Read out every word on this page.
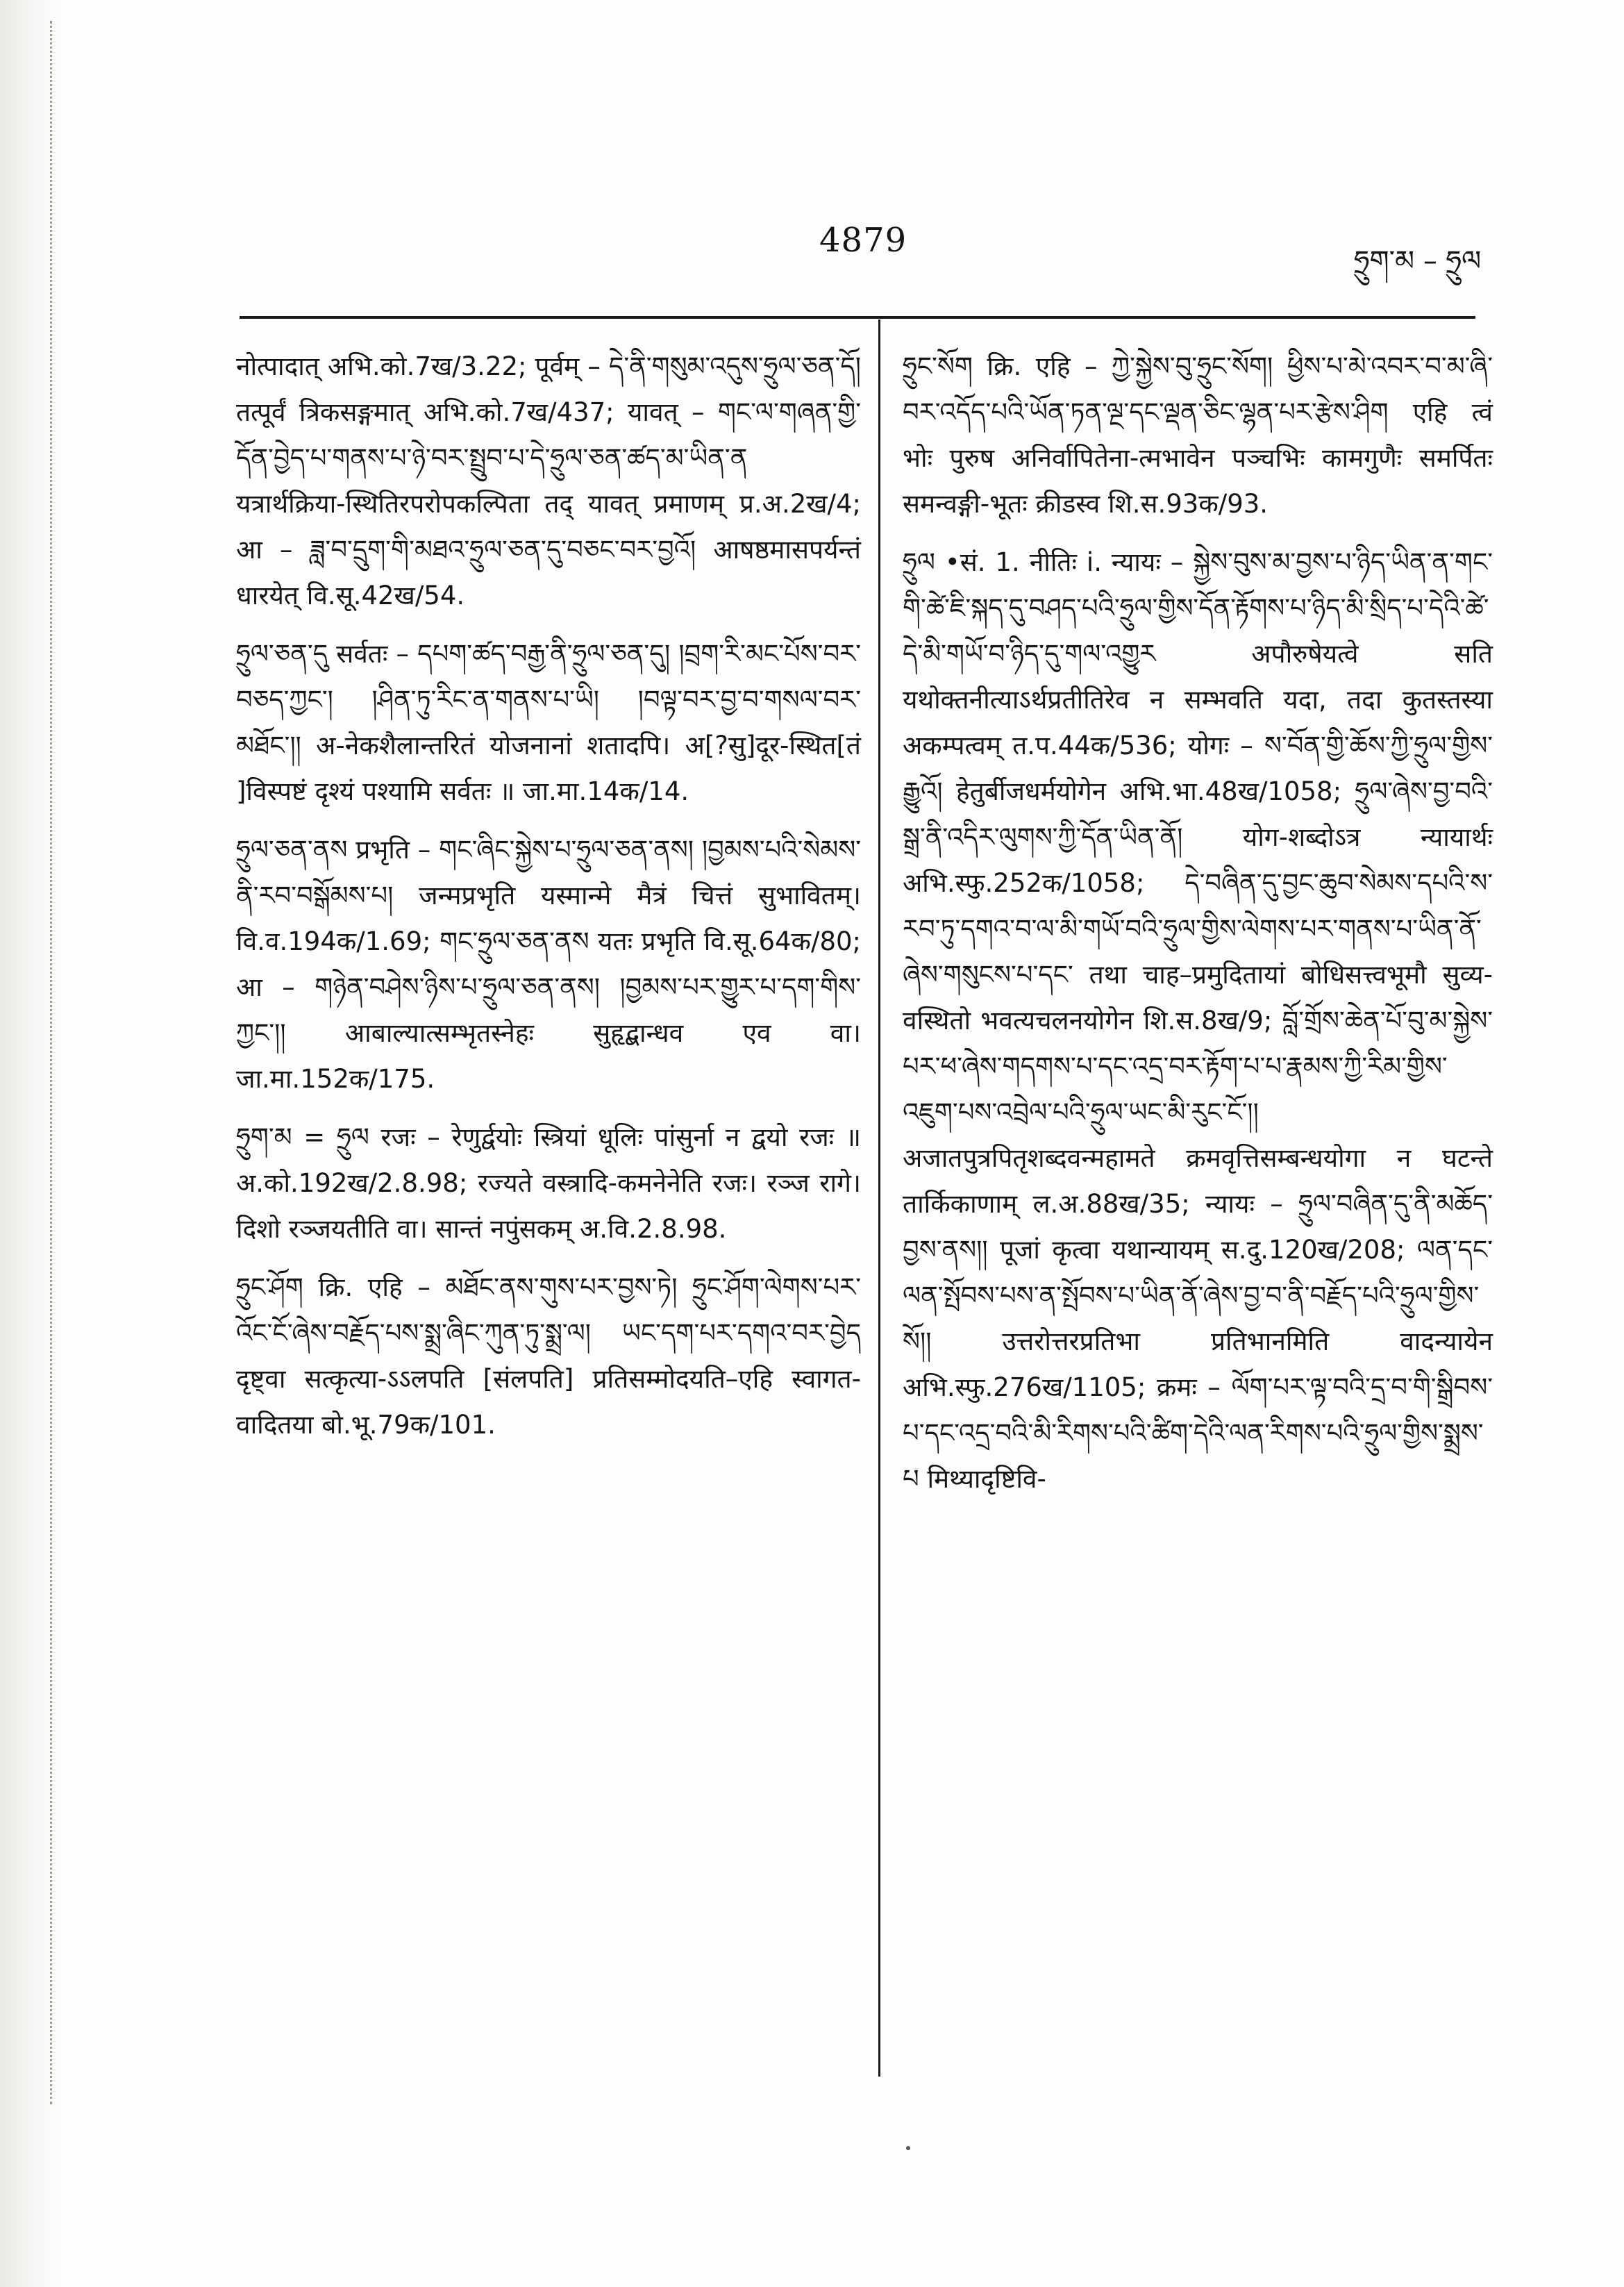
4879
ཧྲུག་མ – ཧྲུལ

नोत्पादात् अभि.को.7ख/3.22; पूर्वम् – དེ་ནི་གསུམ་འདུས་ཧྲུལ་ཅན་དོ། तत्पूर्वं त्रिकसङ्गमात् अभि.को.7ख/437; यावत् – གང་ལ་གཞན་གྱི་དོན་བྱེད་པ་གནས་པ་ཉེ་བར་སྤྲུབ་པ་དེ་ཧྲུལ་ཅན་ཚད་མ་ཡིན་ན यत्रार्थक्रिया-स्थितिरपरोपकल्पिता तद् यावत् प्रमाणम् प्र.अ.2ख/4; आ – ཟླ་བ་དྲུག་གི་མཐའ་ཧྲུལ་ཅན་དུ་བཅང་བར་བྱའོ། आषष्ठमासपर्यन्तं धारयेत् वि.सू.42ख/54.

ཧྲུལ་ཅན་དུ सर्वतः – དཔག་ཚད་བརྒྱ་ནི་ཧྲུལ་ཅན་དུ། །བྲག་རི་མང་པོས་བར་བཅད་ཀྱང་། །ཤིན་ཏུ་རིང་ན་གནས་པ་ཡི། །བལྟ་བར་བྱ་བ་གསལ་བར་མཐོང་།། अ-नेकशैलान्तरितं योजनानां शतादपि। अ[?सु]दूर-स्थित[तं ]विस्पष्टं दृश्यं पश्यामि सर्वतः ॥ जा.मा.14क/14.

ཧྲུལ་ཅན་ནས प्रभृति – གང་ཞིང་སྐྱེས་པ་ཧྲུལ་ཅན་ནས། །བྱམས་པའི་སེམས་ནི་རབ་བསྒོམས་པ། जन्मप्रभृति यस्मान्मे मैत्रं चित्तं सुभावितम्। वि.व.194क/1.69; གང་ཧྲུལ་ཅན་ནས यतः प्रभृति वि.सू.64क/80; आ – གཉེན་བཤེས་ཉིས་པ་ཧྲུལ་ཅན་ནས། །བྱམས་པར་གྱུར་པ་དག་གིས་ཀྱང་།། आबाल्यात्सम्भृतस्नेहः सुहृद्बान्धव एव वा। जा.मा.152क/175.

ཧྲུག་མ = ཧྲུལ रजः – रेणुर्द्वयोः स्त्रियां धूलिः पांसुर्ना न द्वयो रजः ॥ अ.को.192ख/2.8.98; रज्यते वस्त्रादि-कमनेनेति रजः। रञ्ज रागे। दिशो रञ्जयतीति वा। सान्तं नपुंसकम् अ.वि.2.8.98.

ཧྲུང་ཤོག क्रि. एहि – མཐོང་ནས་གུས་པར་བྱས་ཏེ། ཧྲུང་ཤོག་ལེགས་པར་འོང་ངོ་ཞེས་བརྗོད་པས་སྨྲ་ཞིང་ཀུན་ཏུ་སྨྲ་ལ། ཡང་དག་པར་དགའ་བར་བྱེད दृष्ट्वा सत्कृत्या-ऽऽलपति [संलपति] प्रतिसम्मोदयति–एहि स्वागत-वादितया बो.भू.79क/101.

ཧྲུང་སོག क्रि. एहि – ཀྱེ་སྐྱེས་བུ་ཧྲུང་སོག། ཕྱིས་པ་མེ་འབར་བ་མ་ཞི་བར་འདོད་པའི་ཡོན་ཏན་ལྔ་དང་ལྡན་ཅིང་ལྷན་པར་རྩེས་ཤིག एहि त्वं भोः पुरुष अनिर्वापितेना-त्मभावेन पञ्चभिः कामगुणैः समर्पितः समन्वङ्गी-भूतः क्रीडस्व शि.स.93क/93.

ཧྲུལ •सं. 1. नीतिः i. न्यायः – སྐྱེས་བུས་མ་བྱས་པ་ཉིད་ཡིན་ན་གང་གི་ཚེ་ཇི་སྐད་དུ་བཤད་པའི་ཧྲུལ་གྱིས་དོན་རྟོགས་པ་ཉིད་མི་སྲིད་པ་དེའི་ཚེ་དེ་མི་གཡོ་བ་ཉིད་དུ་གལ་འགྱུར अपौरुषेयत्वे सति यथोक्तनीत्याऽर्थप्रतीतिरेव न सम्भवति यदा, तदा कुतस्तस्या अकम्पत्वम् त.प.44क/536; योगः – ས་བོན་གྱི་ཆོས་ཀྱི་ཧྲུལ་གྱིས་རྒྱུའོ། हेतुर्बीजधर्मयोगेन अभि.भा.48ख/1058; ཧྲུལ་ཞེས་བྱ་བའི་སྒྲ་ནི་འདིར་ལུགས་ཀྱི་དོན་ཡིན་ནོ། योग-शब्दोऽत्र न्यायार्थः अभि.स्फु.252क/1058; དེ་བཞིན་དུ་བྱང་ཆུབ་སེམས་དཔའི་ས་རབ་ཏུ་དགའ་བ་ལ་མི་གཡོ་བའི་ཧྲུལ་གྱིས་ལེགས་པར་གནས་པ་ཡིན་ནོ་ཞེས་གསུངས་པ་དང་ तथा चाह–प्रमुदितायां बोधिसत्त्वभूमौ सुव्य-वस्थितो भवत्यचलनयोगेन शि.स.8ख/9; བློ་གྲོས་ཆེན་པོ་བུ་མ་སྐྱེས་པར་ཕ་ཞེས་གདགས་པ་དང་འདྲ་བར་རྟོག་པ་པ་རྣམས་ཀྱི་རིམ་གྱིས་འཇུག་པས་འབྲེལ་པའི་ཧྲུལ་ཡང་མི་རུང་ངོ་།། अजातपुत्रपितृशब्दवन्महामते क्रमवृत्तिसम्बन्धयोगा न घटन्ते तार्किकाणाम् ल.अ.88ख/35; न्यायः – ཧྲུལ་བཞིན་དུ་ནི་མཆོད་བྱས་ནས།། पूजां कृत्वा यथान्यायम् स.दु.120ख/208; ལན་དང་ལན་སྤོབས་པས་ན་སྤོབས་པ་ཡིན་ནོ་ཞེས་བྱ་བ་ནི་བརྗོད་པའི་ཧྲུལ་གྱིས་སོ།། उत्तरोत्तरप्रतिभा प्रतिभानमिति वादन्यायेन अभि.स्फु.276ख/1105; क्रमः – ལོག་པར་ལྟ་བའི་དྲ་བ་གི་སྒྲིབས་པ་དང་འདྲ་བའི་མི་རིགས་པའི་ཚིག་དེའི་ལན་རིགས་པའི་ཧྲུལ་གྱིས་སྨྲས་པ मिथ्यादृष्टिवि-
